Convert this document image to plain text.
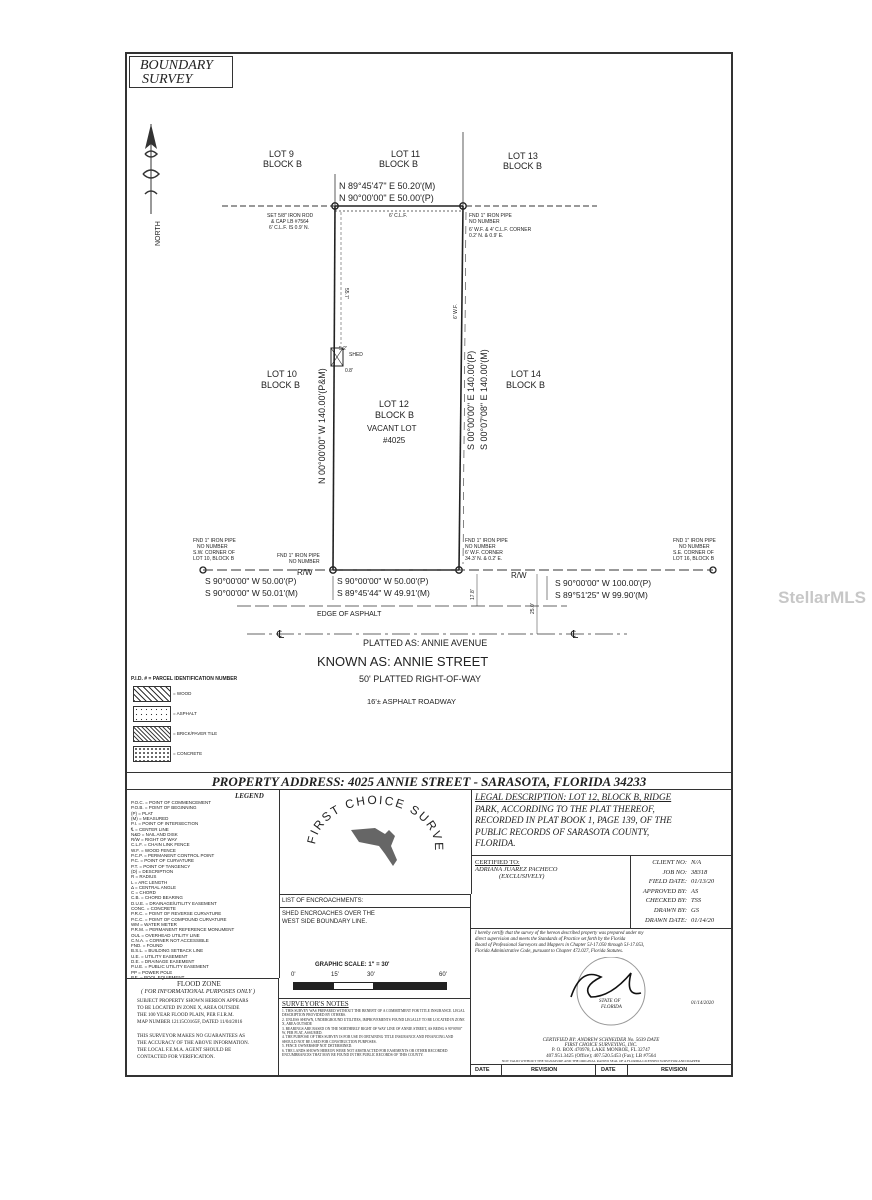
BOUNDARY
SURVEY
NORTH
LOT 9
BLOCK B
LOT 11
BLOCK B
LOT 13
BLOCK B
N 89°45'47" E 50.20'(M)
N 90°00'00" E 50.00'(P)
SET 5/8" IRON ROD
& CAP LB #7564
6' C.L.F. IS 0.9' N.
FND 1" IRON PIPE
NO NUMBER
6' W.F. & 4' C.L.F. CORNER
0.2' N. & 0.9' E.
6' C.L.F.
55.7'
6' W.F.
SHED
5.2'
0.8'
N 00°00'00" W 140.00'(P&M)	S 00°00'00" E 140.00'(P) S 00°07'08" E 140.00'(M)
LOT 10
BLOCK B
LOT 14
BLOCK B
LOT 12
BLOCK B
VACANT LOT
#4025
R/W	R/W
FND 1" IRON PIPE
NO NUMBER
S.W. CORNER OF
LOT 10, BLOCK B	FND 1" IRON PIPE
NO NUMBER
FND 1" IRON PIPE
NO NUMBER
6' W.F. CORNER
34.3' N. & 0.2' E.
FND 1" IRON PIPE
NO NUMBER
S.E. CORNER OF
LOT 16, BLOCK B
S 90°00'00" W 50.00'(P)
S 90°00'00" W 50.01'(M)
S 90°00'00" W 50.00'(P)
S 89°45'44" W 49.91'(M)
S 90°00'00" W 100.00'(P)
S 89°51'25" W 99.90'(M)
17.8'
25.0'
EDGE OF ASPHALT
℄	℄
PLATTED AS: ANNIE AVENUE
KNOWN AS: ANNIE STREET
50' PLATTED RIGHT-OF-WAY
16'± ASPHALT ROADWAY
P.I.D. # = PARCEL IDENTIFICATION NUMBER
= WOOD
= ASPHALT
= BRICK/PAVER TILE
= CONCRETE
PROPERTY ADDRESS: 4025 ANNIE STREET - SARASOTA, FLORIDA 34233
LEGEND
P.O.C. = POINT OF COMMENCEMENT
P.O.B. = POINT OF BEGINNING
(P) = PLAT
(M) = MEASURED
P.I. = POINT OF INTERSECTION
℄ = CENTER LINE
N&D = NAIL AND DISK
R/W = RIGHT OF WAY
C.L.F. = CHAIN LINK FENCE
W.F. = WOOD FENCE
P.C.P. = PERMANENT CONTROL POINT
P.C. = POINT OF CURVATURE
P.T. = POINT OF TANGENCY
(D) = DESCRIPTION
R = RADIUS
L = ARC LENGTH
Δ = CENTRAL ANGLE
C = CHORD
C.B. = CHORD BEARING
D.U.E. = DRAINAGE/UTILITY EASEMENT
CONC. = CONCRETE
P.R.C. = POINT OF REVERSE CURVATURE
P.C.C. = POINT OF COMPOUND CURVATURE
WM = WATER METER
P.R.M. = PERMANENT REFERENCE MONUMENT
OUL = OVERHEAD UTILITY LINE
C.N.A. = CORNER NOT ACCESSIBLE
FND. = FOUND
B.S.L. = BUILDING SETBACK LINE
U.E. = UTILITY EASEMENT
D.E. = DRAINAGE EASEMENT
P.U.E. = PUBLIC UTILITY EASEMENT
PP = POWER POLE
P.E. = POOL EQUIPMENT
FIRST CHOICE SURVE
LIST OF ENCROACHMENTS:
SHED ENCROACHES OVER THE
WEST SIDE BOUNDARY LINE.
GRAPHIC SCALE: 1" = 30'
0'	15'	30'	60'
FLOOD ZONE
( FOR INFORMATIONAL PURPOSES ONLY )
SUBJECT PROPERTY SHOWN HEREON APPEARS
TO BE LOCATED IN ZONE X, AREA OUTSIDE
THE 100 YEAR FLOOD PLAIN, PER F.I.R.M.
MAP NUMBER 12115C0165F, DATED 11/04/2016
THIS SURVEYOR MAKES NO GUARANTEES AS
THE ACCURACY OF THE ABOVE INFORMATION.
THE LOCAL F.E.M.A. AGENT SHOULD BE
CONTACTED FOR VERIFICATION.
SURVEYOR'S NOTES
1. THIS SURVEY WAS PREPARED WITHOUT THE BENEFIT OF A COMMITMENT FOR TITLE INSURANCE. LEGAL DESCRIPTION PROVIDED BY OTHERS.
2. UNLESS SHOWN, UNDERGROUND UTILITIES, IMPROVEMENTS FOUND LEGALLY TO BE LOCATED IN ZONE X, AREA OUTSIDE
3. BEARINGS ARE BASED ON THE NORTHERLY RIGHT OF WAY LINE OF ANNIE STREET, AS BEING S 90°00'00" W, PER PLAT, ASSUMED.
4. THE PURPOSE OF THIS SURVEY IS FOR USE IN OBTAINING TITLE INSURANCE AND FINANCING AND SHOULD NOT BE USED FOR CONSTRUCTION PURPOSES.
5. FENCE OWNERSHIP NOT DETERMINED.
6. THE LANDS SHOWN HEREON WERE NOT ABSTRACTED FOR EASEMENTS OR OTHER RECORDED ENCUMBRANCES THAT MAY BE FOUND IN THE PUBLIC RECORDS OF THIS COUNTY.
LEGAL DESCRIPTION: LOT 12, BLOCK B, RIDGE
PARK, ACCORDING TO THE PLAT THEREOF,
RECORDED IN PLAT BOOK 1, PAGE 139, OF THE
PUBLIC RECORDS OF SARASOTA COUNTY,
FLORIDA.
CERTIFIED TO:
ADRIANA JUAREZ PACHECO
(EXCLUSIVELY)
CLIENT NO: N/A
JOB NO: 38318
FIELD DATE: 01/13/20
APPROVED BY: AS
CHECKED BY: TSS
DRAWN BY: GS
DRAWN DATE: 01/14/20
I hereby certify that the survey of the hereon described property was prepared under my
direct supervision and meets the Standards of Practice set forth by the Florida
Board of Professional Surveyors and Mappers in Chapter 5J-17.050 through 5J-17.053,
Florida Administrative Code, pursuant to Chapter 472.027, Florida Statutes.
STATE OF
FLORIDA
01/14/2020
CERTIFIED BY: ANDREW SCHNEIDER No. 5639 DATE
FIRST CHOICE SURVEYING, INC.
P. O. BOX 470978, LAKE MONROE, FL 32747
407.951.3425 (Office); 407.520.5453 (Fax); LB #7564
NOT VALID WITHOUT THE SIGNATURE AND THE ORIGINAL RAISED SEAL OF A FLORIDA LICENSED SURVEYOR AND MAPPER
DATE	REVISION	DATE	REVISION
StellarMLS
